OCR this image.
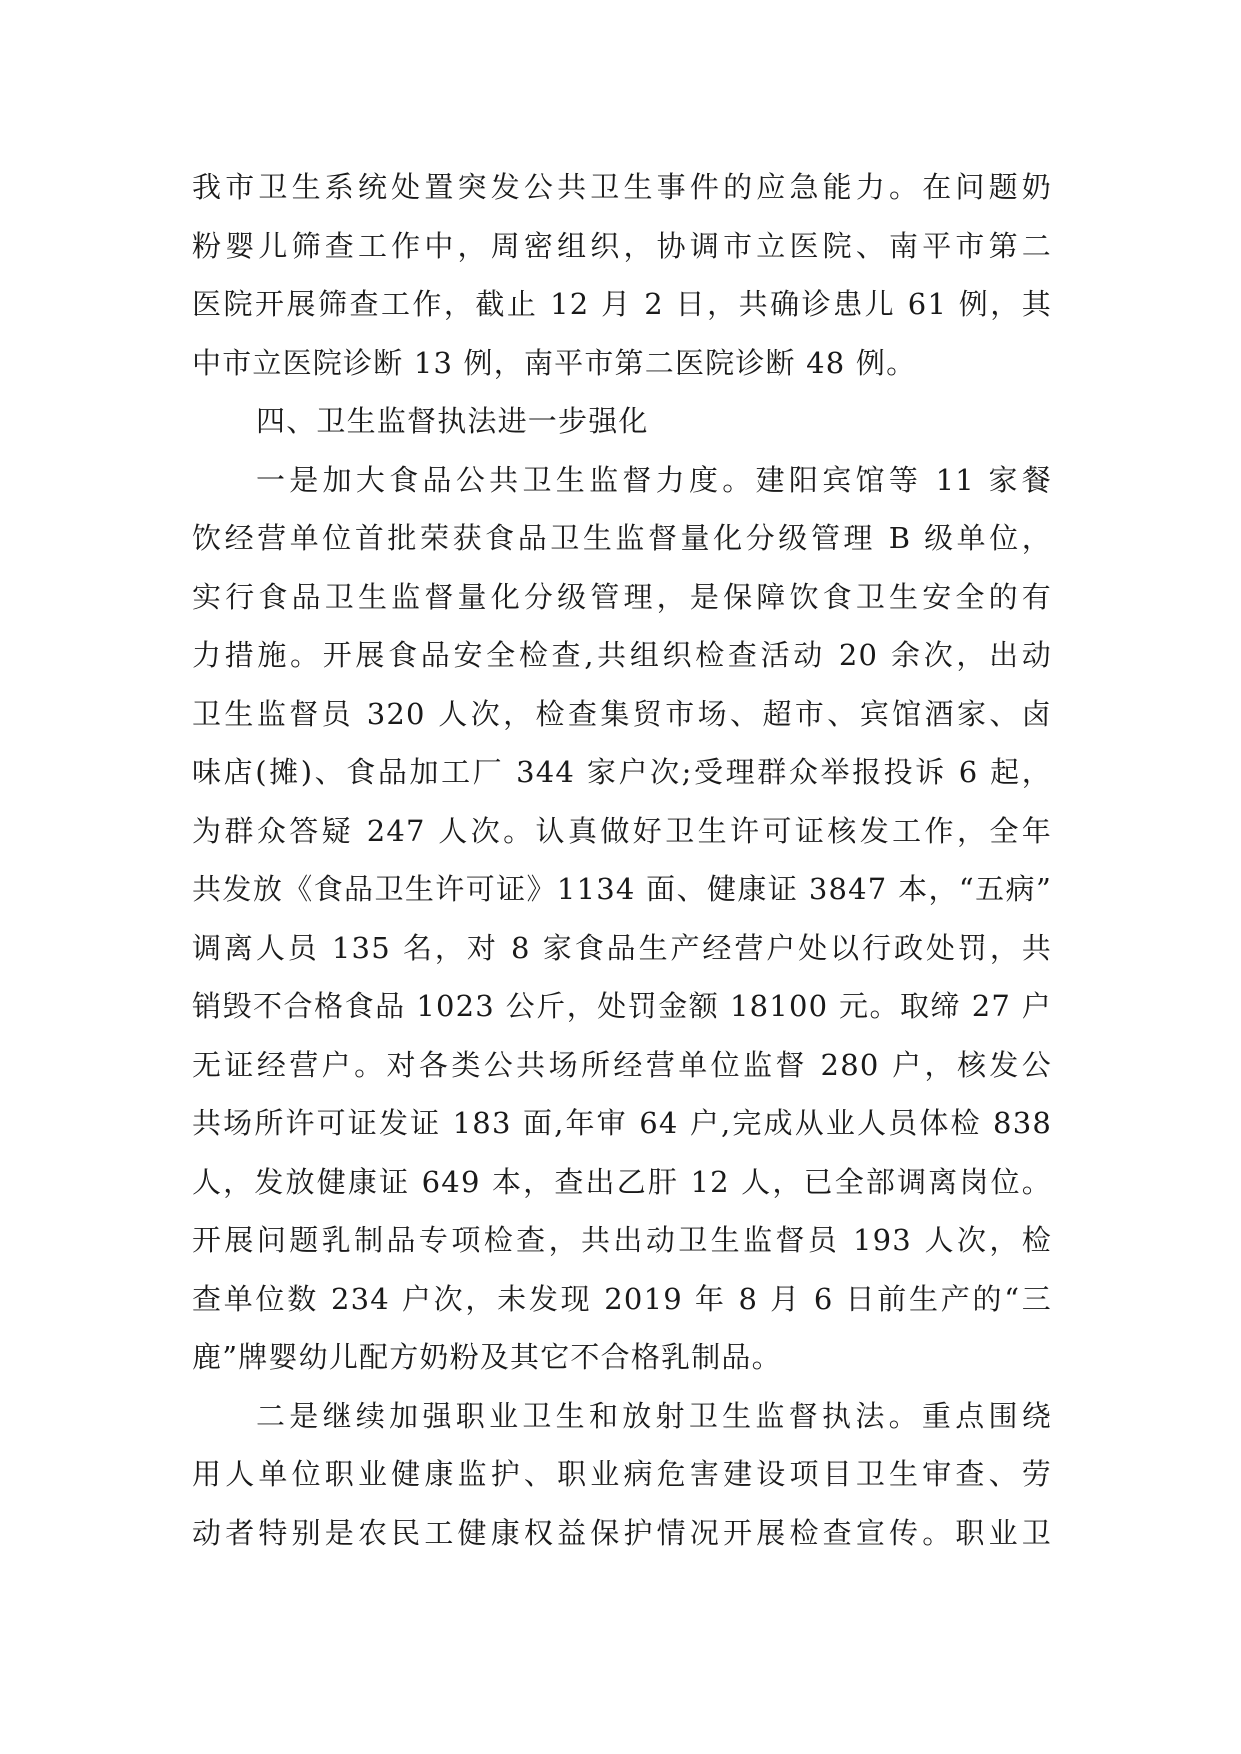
我市卫生系统处置突发公共卫生事件的应急能力。在问题奶
粉婴儿筛查工作中，周密组织，协调市立医院、南平市第二
医院开展筛查工作，截止 12 月 2 日，共确诊患儿 61 例，其
中市立医院诊断 13 例，南平市第二医院诊断 48 例。
四、卫生监督执法进一步强化
一是加大食品公共卫生监督力度。建阳宾馆等 11 家餐
饮经营单位首批荣获食品卫生监督量化分级管理 B 级单位，
实行食品卫生监督量化分级管理，是保障饮食卫生安全的有
力措施。开展食品安全检查,共组织检查活动 20 余次，出动
卫生监督员 320 人次，检查集贸市场、超市、宾馆酒家、卤
味店(摊)、食品加工厂 344 家户次;受理群众举报投诉 6 起，
为群众答疑 247 人次。认真做好卫生许可证核发工作，全年
共发放《食品卫生许可证》1134 面、健康证 3847 本，“五病”
调离人员 135 名，对 8 家食品生产经营户处以行政处罚，共
销毁不合格食品 1023 公斤，处罚金额 18100 元。取缔 27 户
无证经营户。对各类公共场所经营单位监督 280 户，核发公
共场所许可证发证 183 面,年审 64 户,完成从业人员体检 838
人，发放健康证 649 本，查出乙肝 12 人，已全部调离岗位。
开展问题乳制品专项检查，共出动卫生监督员 193 人次，检
查单位数 234 户次，未发现 2019 年 8 月 6 日前生产的“三
鹿”牌婴幼儿配方奶粉及其它不合格乳制品。
二是继续加强职业卫生和放射卫生监督执法。重点围绕
用人单位职业健康监护、职业病危害建设项目卫生审查、劳
动者特别是农民工健康权益保护情况开展检查宣传。职业卫
